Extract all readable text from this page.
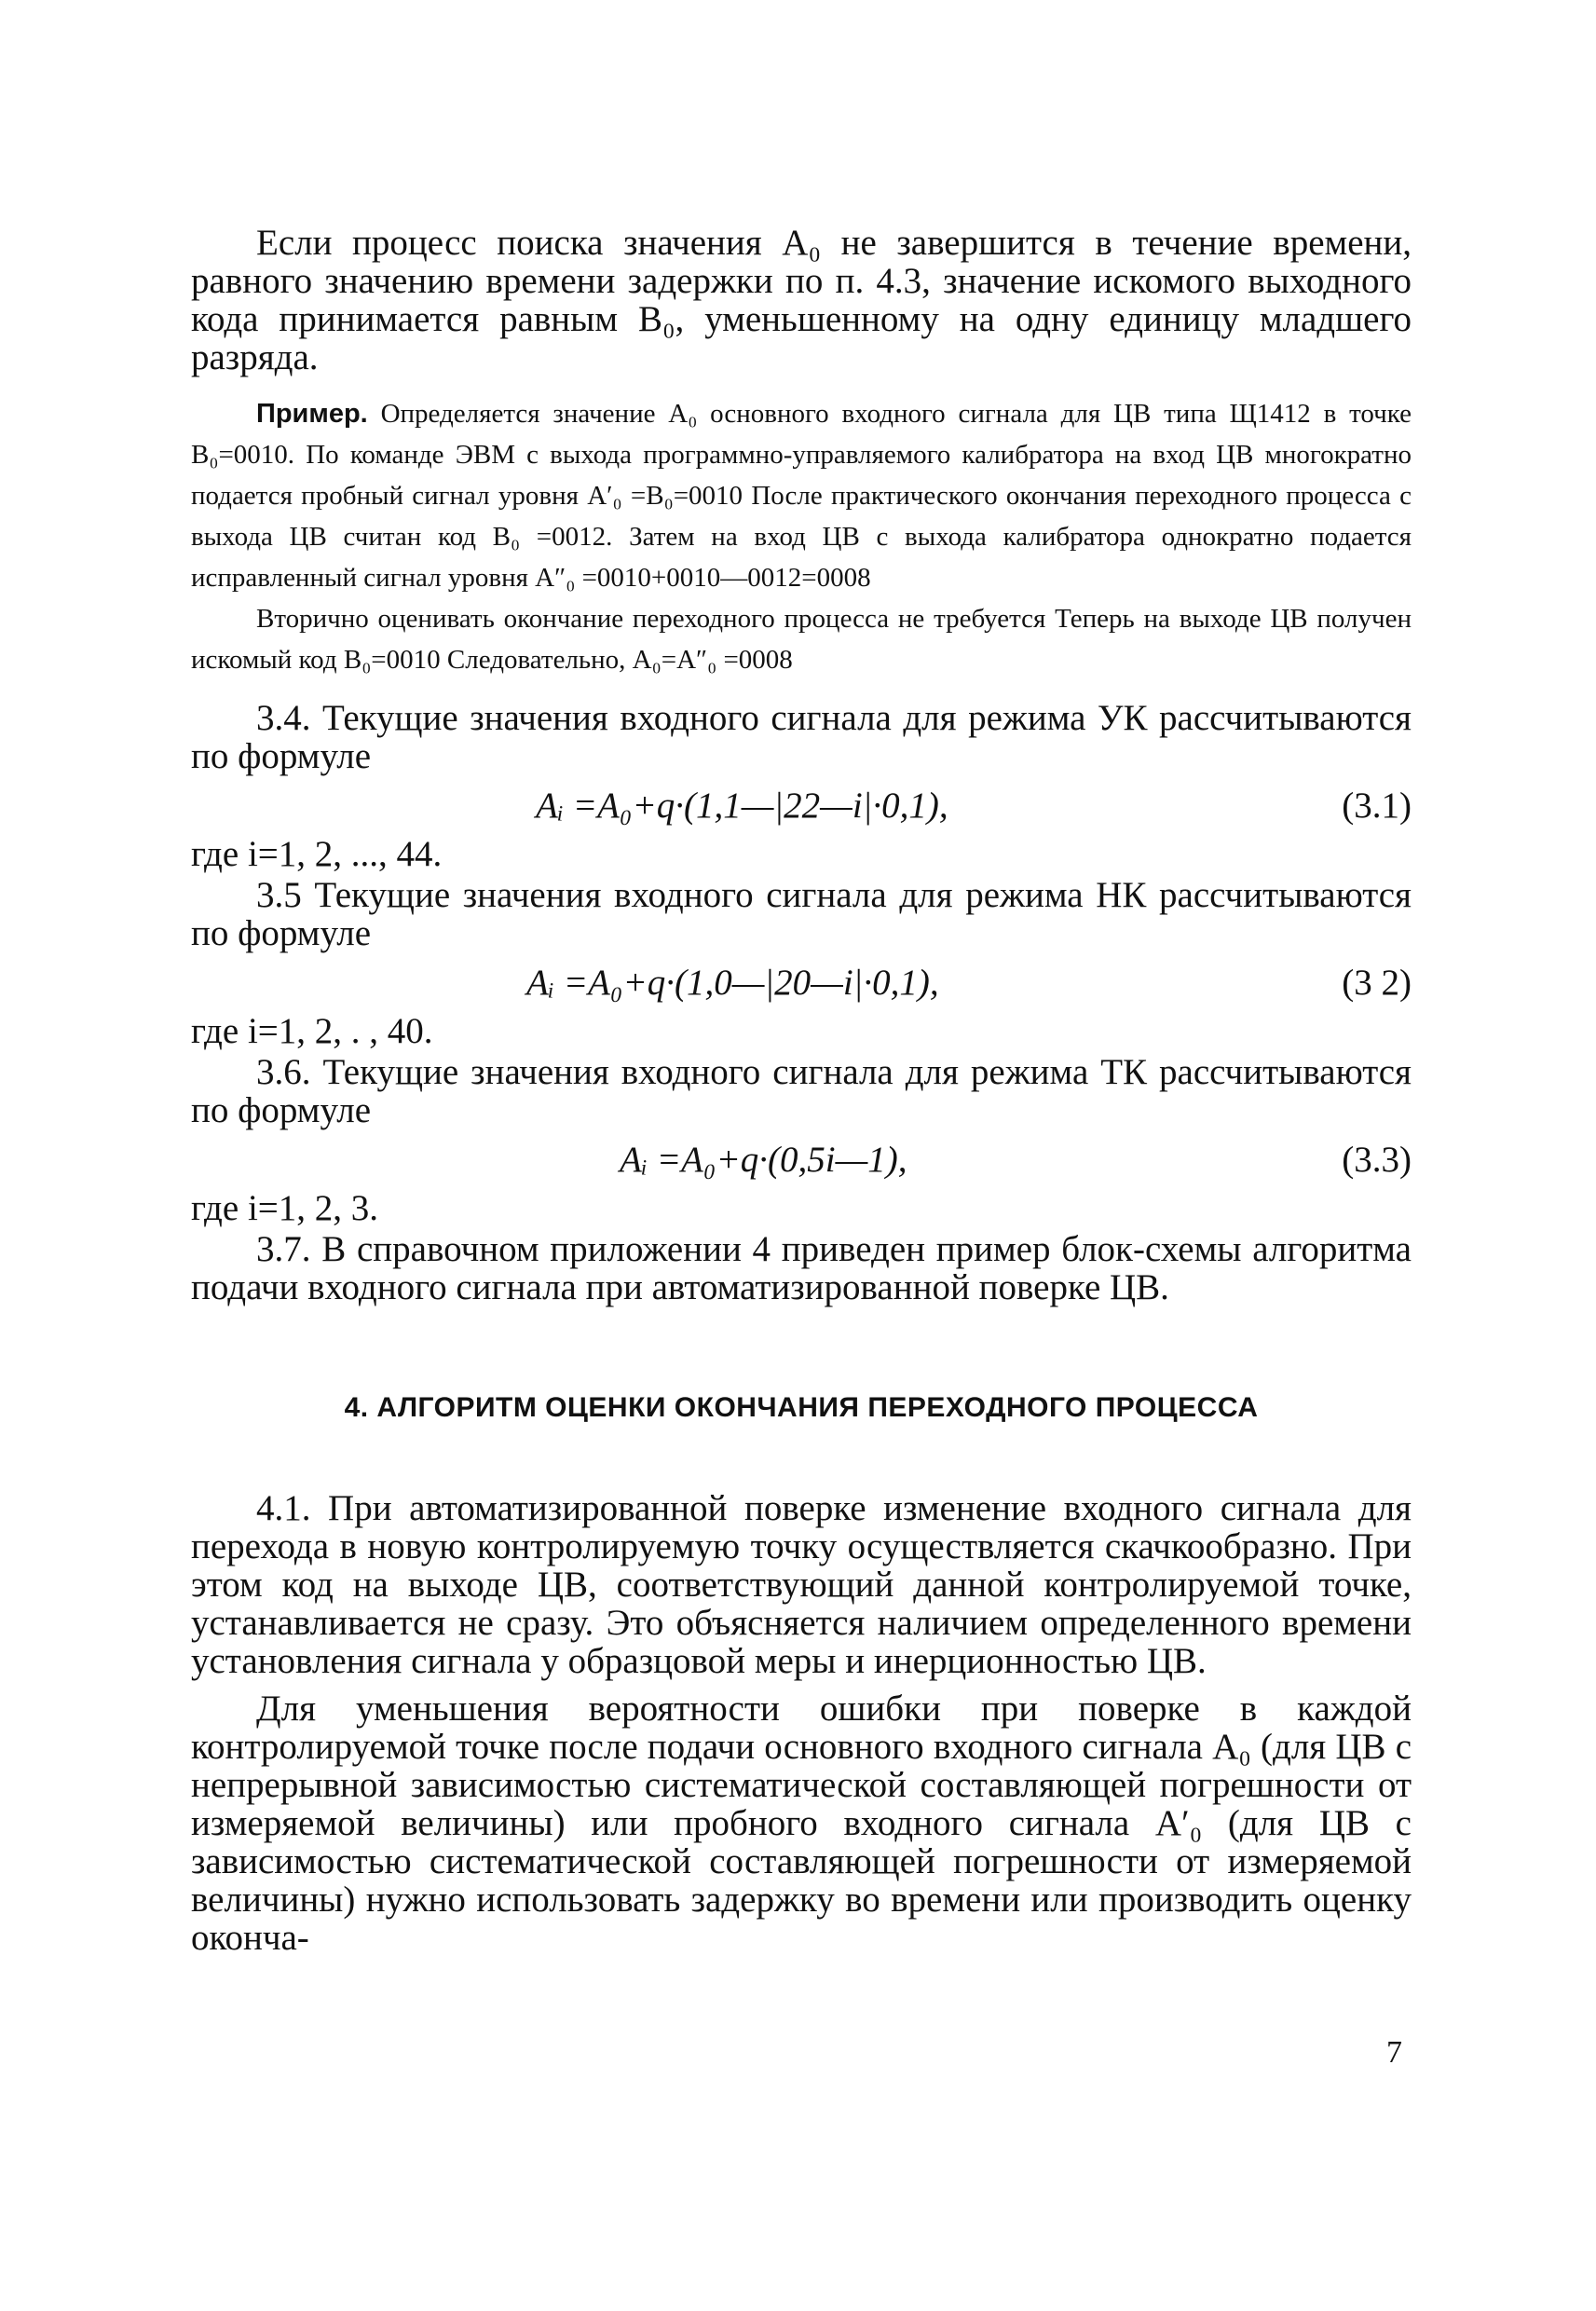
Если процесс поиска значения A₀ не завершится в течение времени, равного значению времени задержки по п. 4.3, значение искомого выходного кода принимается равным B₀, уменьшенному на одну единицу младшего разряда.

Пример. Определяется значение A₀ основного входного сигнала для ЦВ типа Щ1412 в точке B₀=0010. По команде ЭВМ с выхода программно-управляемого калибратора на вход ЦВ многократно подается пробный сигнал уровня A′₀ =B₀=0010 После практического окончания переходного процесса с выхода ЦВ считан код B₀ =0012. Затем на вход ЦВ с выхода калибратора однократно подается исправленный сигнал уровня A″₀ =0010+0010—0012=0008

Вторично оценивать окончание переходного процесса не требуется Теперь на выходе ЦВ получен искомый код B₀=0010 Следовательно, A₀=A″₀ =0008

3.4. Текущие значения входного сигнала для режима УК рассчитываются по формуле

Aᵢ =A₀+q·(1,1—|22—i|·0,1),	(3.1)

где i=1, 2, ..., 44.

3.5 Текущие значения входного сигнала для режима НК рассчитываются по формуле

Aᵢ =A₀+q·(1,0—|20—i|·0,1),	(3 2)

где i=1, 2, . , 40.

3.6. Текущие значения входного сигнала для режима ТК рассчитываются по формуле

Aᵢ =A₀+q·(0,5i—1),	(3.3)

где i=1, 2, 3.

3.7. В справочном приложении 4 приведен пример блок-схемы алгоритма подачи входного сигнала при автоматизированной поверке ЦВ.

4. АЛГОРИТМ ОЦЕНКИ ОКОНЧАНИЯ ПЕРЕХОДНОГО ПРОЦЕССА

4.1. При автоматизированной поверке изменение входного сигнала для перехода в новую контролируемую точку осуществляется скачкообразно. При этом код на выходе ЦВ, соответствующий данной контролируемой точке, устанавливается не сразу. Это объясняется наличием определенного времени установления сигнала у образцовой меры и инерционностью ЦВ.

Для уменьшения вероятности ошибки при поверке в каждой контролируемой точке после подачи основного входного сигнала A₀ (для ЦВ с непрерывной зависимостью систематической составляющей погрешности от измеряемой величины) или пробного входного сигнала A′₀ (для ЦВ с зависимостью систематической составляющей погрешности от измеряемой величины) нужно использовать задержку во времени или производить оценку оконча-

7
